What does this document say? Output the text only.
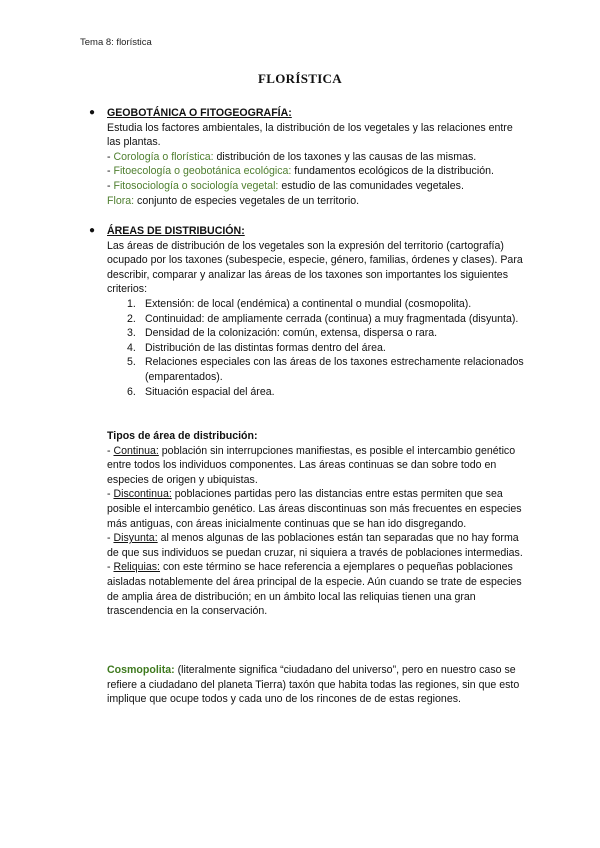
Tema 8: florística
FLORÍSTICA
● GEOBOTÁNICA O FITOGEOGRAFÍA:

Estudia los factores ambientales, la distribución de los vegetales y las relaciones entre las plantas.

- Corología o florística: distribución de los taxones y las causas de las mismas.

- Fitoecología o geobotánica ecológica: fundamentos ecológicos de la distribución.

- Fitosociología o sociología vegetal: estudio de las comunidades vegetales.

Flora: conjunto de especies vegetales de un territorio.

● ÁREAS DE DISTRIBUCIÓN:

Las áreas de distribución de los vegetales son la expresión del territorio (cartografía) ocupado por los taxones (subespecie, especie, género, familias, órdenes y clases). Para describir, comparar y analizar las áreas de los taxones son importantes los siguientes criterios:

1. Extensión: de local (endémica) a continental o mundial (cosmopolita).
2. Continuidad: de ampliamente cerrada (continua) a muy fragmentada (disyunta).
3. Densidad de la colonización: común, extensa, dispersa o rara.
4. Distribución de las distintas formas dentro del área.
5. Relaciones especiales con las áreas de los taxones estrechamente relacionados (emparentados).
6. Situación espacial del área.

Tipos de área de distribución:

- Continua: población sin interrupciones manifiestas, es posible el intercambio genético entre todos los individuos componentes. Las áreas continuas se dan sobre todo en especies de origen y ubiquistas.

- Discontinua: poblaciones partidas pero las distancias entre estas permiten que sea posible el intercambio genético. Las áreas discontinuas son más frecuentes en especies más antiguas, con áreas inicialmente continuas que se han ido disgregando.

- Disyunta: al menos algunas de las poblaciones están tan separadas que no hay forma de que sus individuos se puedan cruzar, ni siquiera a través de poblaciones intermedias.

- Reliquias: con este término se hace referencia a ejemplares o pequeñas poblaciones aisladas notablemente del área principal de la especie. Aún cuando se trate de especies de amplia área de distribución; en un ámbito local las reliquias tienen una gran trascendencia en la conservación.

Cosmopolita: (literalmente significa “ciudadano del universo”, pero en nuestro caso se refiere a ciudadano del planeta Tierra) taxón que habita todas las regiones, sin que esto implique que ocupe todos y cada uno de los rincones de de estas regiones.
